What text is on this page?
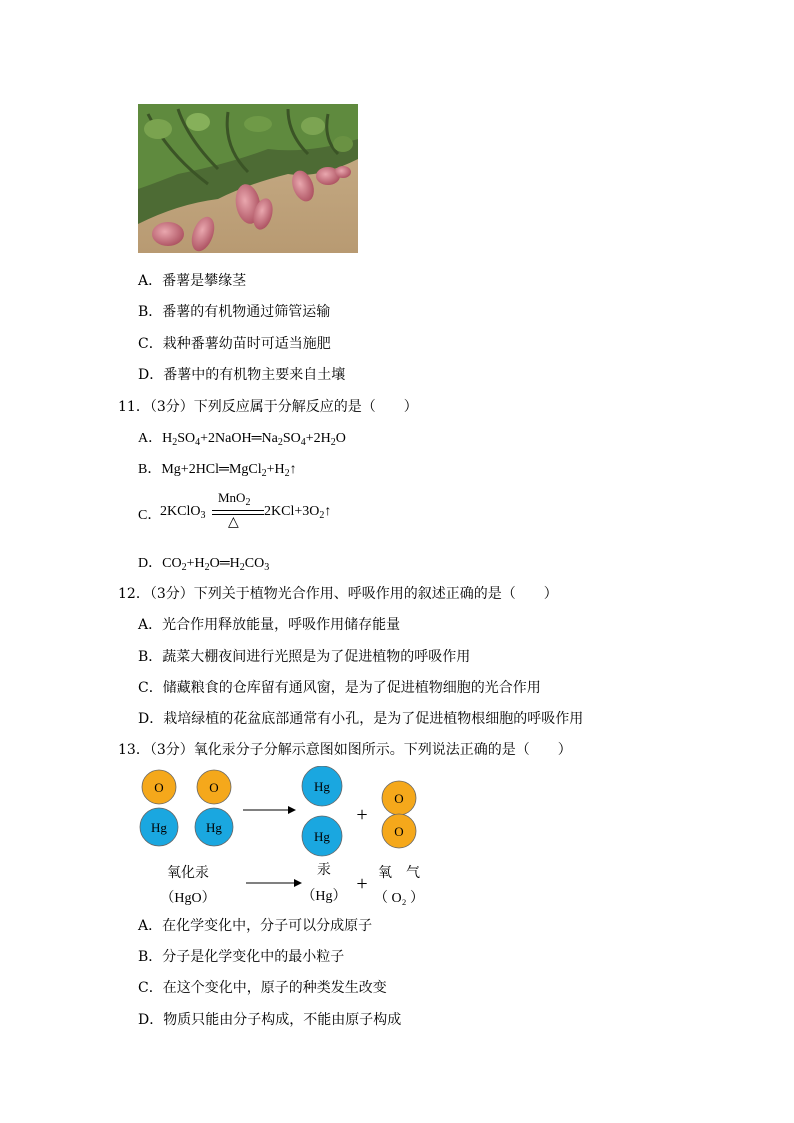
A．番薯是攀缘茎
B．番薯的有机物通过筛管运输
C．栽种番薯幼苗时可适当施肥
D．番薯中的有机物主要来自土壤
11．（3分）下列反应属于分解反应的是（　　）
A．$H_2SO_4+2NaOH═Na_2SO_4+2H_2O$
B．$Mg+2HCl═MgCl_2+H_2↑$
C．
2KClO$_3$
MnO$_2$
△
$2KCl+3O_2↑$
D．$CO_2+H_2O═H_2CO_3$
12．（3分）下列关于植物光合作用、呼吸作用的叙述正确的是（　　）
A．光合作用释放能量，呼吸作用储存能量
B．蔬菜大棚夜间进行光照是为了促进植物的呼吸作用
C．储藏粮食的仓库留有通风窗，是为了促进植物细胞的光合作用
D．栽培绿植的花盆底部通常有小孔，是为了促进植物根细胞的呼吸作用
13．（3分）氧化汞分子分解示意图如图所示。下列说法正确的是（　　）
O
Hg
O
Hg
Hg
Hg
+
O
O
氧化汞
（HgO）
汞
（Hg）
+ 氧　气
（ O₂ ）
A．在化学变化中，分子可以分成原子
B．分子是化学变化中的最小粒子
C．在这个变化中，原子的种类发生改变
D．物质只能由分子构成，不能由原子构成
